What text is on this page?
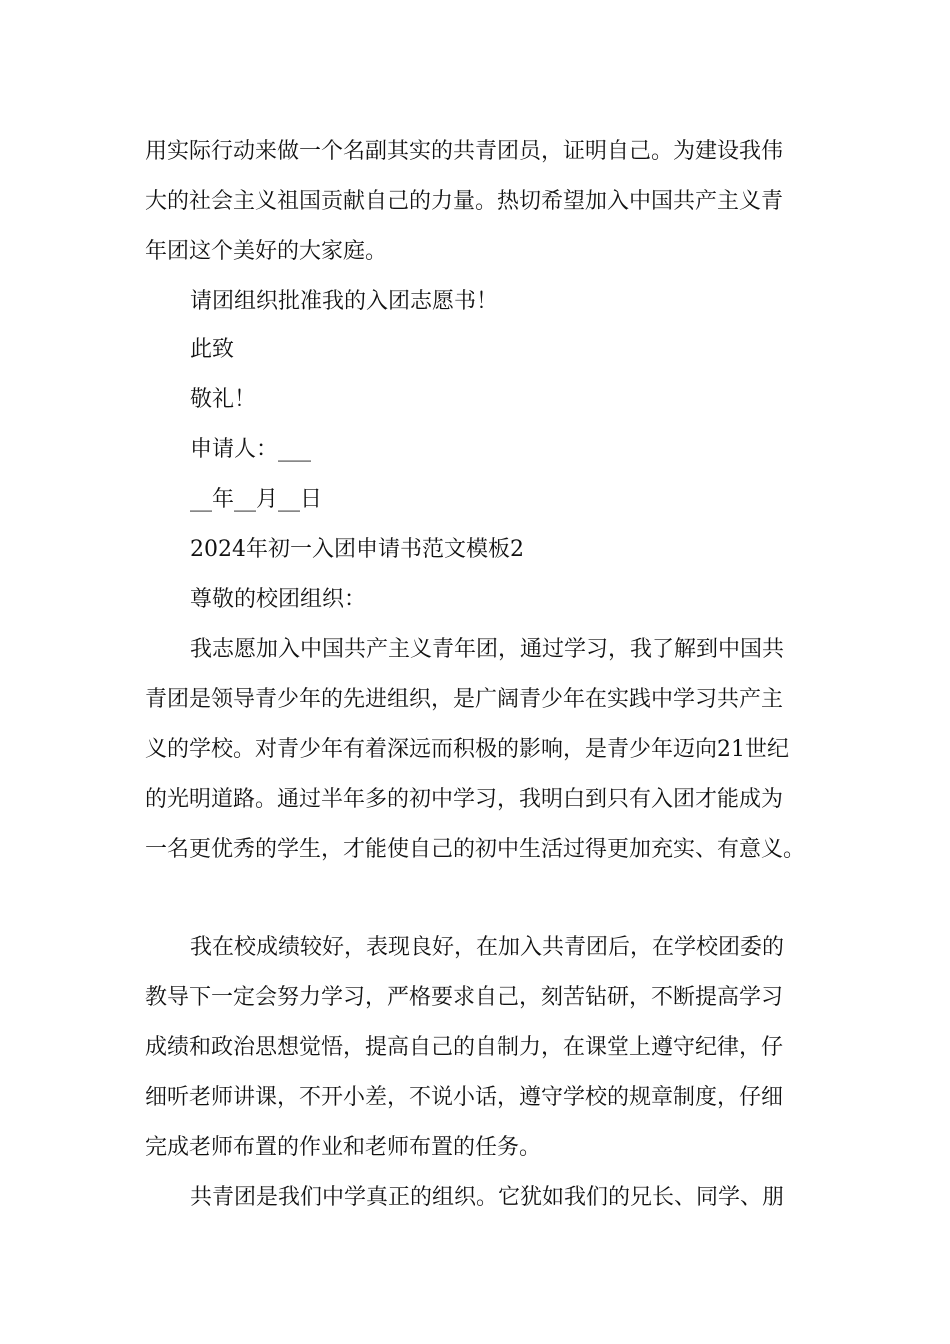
用实际行动来做一个名副其实的共青团员，证明自己。为建设我伟
大的社会主义祖国贡献自己的力量。热切希望加入中国共产主义青
年团这个美好的大家庭。
请团组织批准我的入团志愿书！
此致
敬礼！
申请人：___
__年__月__日
2024年初一入团申请书范文模板2
尊敬的校团组织：
我志愿加入中国共产主义青年团，通过学习，我了解到中国共
青团是领导青少年的先进组织，是广阔青少年在实践中学习共产主
义的学校。对青少年有着深远而积极的影响，是青少年迈向21世纪
的光明道路。通过半年多的初中学习，我明白到只有入团才能成为
一名更优秀的学生，才能使自己的初中生活过得更加充实、有意义。
我在校成绩较好，表现良好，在加入共青团后，在学校团委的
教导下一定会努力学习，严格要求自己，刻苦钻研，不断提高学习
成绩和政治思想觉悟，提高自己的自制力，在课堂上遵守纪律，仔
细听老师讲课，不开小差，不说小话，遵守学校的规章制度，仔细
完成老师布置的作业和老师布置的任务。
共青团是我们中学真正的组织。它犹如我们的兄长、同学、朋
